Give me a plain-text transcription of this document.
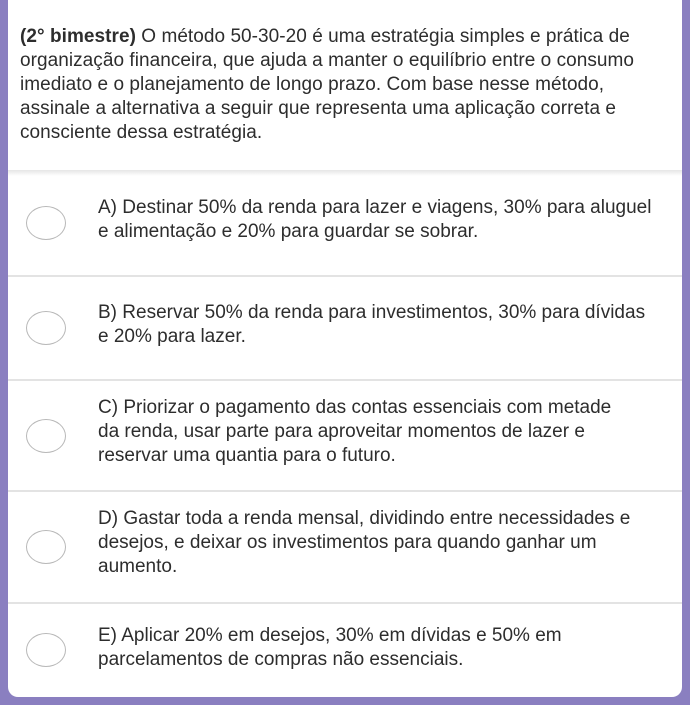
(2° bimestre) O método 50-30-20 é uma estratégia simples e prática de organização financeira, que ajuda a manter o equilíbrio entre o consumo imediato e o planejamento de longo prazo. Com base nesse método, assinale a alternativa a seguir que representa uma aplicação correta e consciente dessa estratégia.
A) Destinar 50% da renda para lazer e viagens, 30% para aluguel
e alimentação e 20% para guardar se sobrar.
B) Reservar 50% da renda para investimentos, 30% para dívidas
e 20% para lazer.
C) Priorizar o pagamento das contas essenciais com metade
da renda, usar parte para aproveitar momentos de lazer e
reservar uma quantia para o futuro.
D) Gastar toda a renda mensal, dividindo entre necessidades e
desejos, e deixar os investimentos para quando ganhar um
aumento.
E) Aplicar 20% em desejos, 30% em dívidas e 50% em
parcelamentos de compras não essenciais.
